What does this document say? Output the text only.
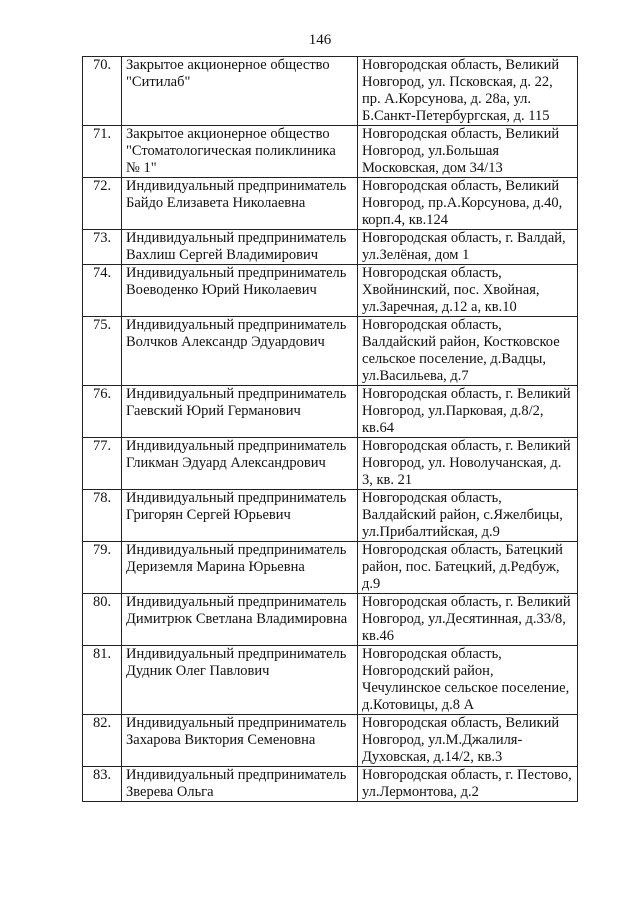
146
70.	Закрытое акционерное общество "Ситилаб"	Новгородская область, Великий Новгород, ул. Псковская, д. 22, пр. А.Корсунова, д. 28а, ул. Б.Санкт-Петербургская, д. 115
71.	Закрытое акционерное общество "Стоматологическая поликлиника № 1"	Новгородская область, Великий Новгород, ул.Большая Московская, дом 34/13
72.	Индивидуальный предприниматель Байдо Елизавета Николаевна	Новгородская область, Великий Новгород, пр.А.Корсунова, д.40, корп.4, кв.124
73.	Индивидуальный предприниматель Вахлиш Сергей Владимирович	Новгородская область, г. Валдай, ул.Зелёная, дом 1
74.	Индивидуальный предприниматель Воеводенко Юрий Николаевич	Новгородская область, Хвойнинский, пос. Хвойная, ул.Заречная, д.12 а, кв.10
75.	Индивидуальный предприниматель Волчков Александр Эдуардович	Новгородская область, Валдайский район, Костковское сельское поселение, д.Вадцы, ул.Васильева, д.7
76.	Индивидуальный предприниматель Гаевский Юрий Германович	Новгородская область, г. Великий Новгород, ул.Парковая, д.8/2, кв.64
77.	Индивидуальный предприниматель Гликман Эдуард Александрович	Новгородская область, г. Великий Новгород, ул. Новолучанская, д. 3, кв. 21
78.	Индивидуальный предприниматель Григорян Сергей Юрьевич	Новгородская область, Валдайский район, с.Яжелбицы, ул.Прибалтийская, д.9
79.	Индивидуальный предприниматель Дериземля Марина Юрьевна	Новгородская область, Батецкий район, пос. Батецкий, д.Редбуж, д.9
80.	Индивидуальный предприниматель Димитрюк Светлана Владимировна	Новгородская область, г. Великий Новгород, ул.Десятинная, д.33/8, кв.46
81.	Индивидуальный предприниматель Дудник Олег Павлович	Новгородская область, Новгородский район, Чечулинское сельское поселение, д.Котовицы, д.8 А
82.	Индивидуальный предприниматель Захарова Виктория Семеновна	Новгородская область, Великий Новгород, ул.М.Джалиля-Духовская, д.14/2, кв.3
83.	Индивидуальный предприниматель Зверева Ольга	Новгородская область, г. Пестово, ул.Лермонтова, д.2
